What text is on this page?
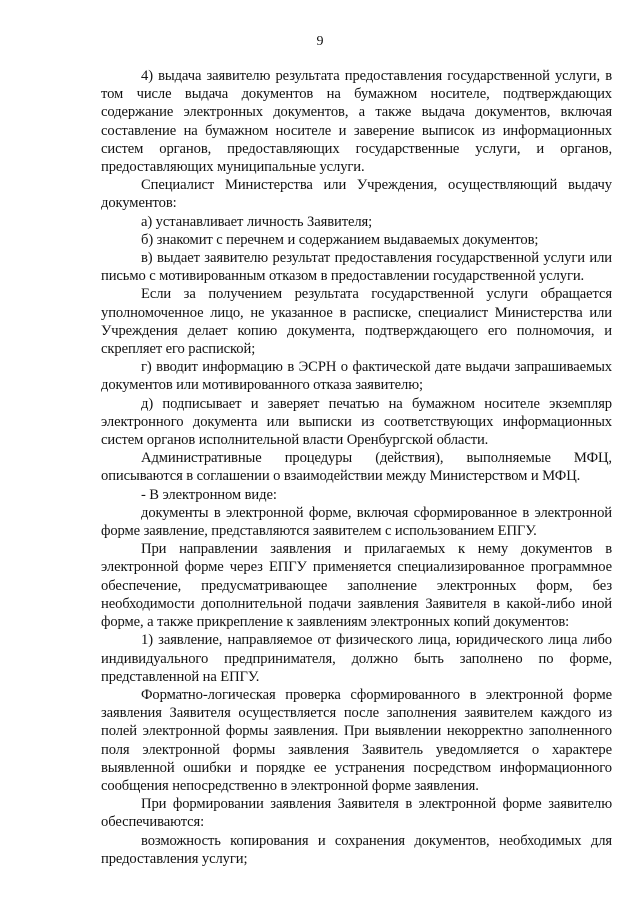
9

4) выдача заявителю результата предоставления государственной услуги, в том числе выдача документов на бумажном носителе, подтверждающих содержание электронных документов, а также выдача документов, включая составление на бумажном носителе и заверение выписок из информационных систем органов, предоставляющих государственные услуги, и органов, предоставляющих муниципальные услуги.

Специалист Министерства или Учреждения, осуществляющий выдачу документов:

а) устанавливает личность Заявителя;

б) знакомит с перечнем и содержанием выдаваемых документов;

в) выдает заявителю результат предоставления государственной услуги или письмо с мотивированным отказом в предоставлении государственной услуги.

Если за получением результата государственной услуги обращается уполномоченное лицо, не указанное в расписке, специалист Министерства или Учреждения делает копию документа, подтверждающего его полномочия, и скрепляет его распиской;

г) вводит информацию в ЭСРН о фактической дате выдачи запрашиваемых документов или мотивированного отказа заявителю;

д) подписывает и заверяет печатью на бумажном носителе экземпляр электронного документа или выписки из соответствующих информационных систем органов исполнительной власти Оренбургской области.

Административные процедуры (действия), выполняемые МФЦ, описываются в соглашении о взаимодействии между Министерством и МФЦ.

- В электронном виде:

документы в электронной форме, включая сформированное в электронной форме заявление, представляются заявителем с использованием ЕПГУ.

При направлении заявления и прилагаемых к нему документов в электронной форме через ЕПГУ применяется специализированное программное обеспечение, предусматривающее заполнение электронных форм, без необходимости дополнительной подачи заявления Заявителя в какой-либо иной форме, а также прикрепление к заявлениям электронных копий документов:

1) заявление, направляемое от физического лица, юридического лица либо индивидуального предпринимателя, должно быть заполнено по форме, представленной на ЕПГУ.

Форматно-логическая проверка сформированного в электронной форме заявления Заявителя осуществляется после заполнения заявителем каждого из полей электронной формы заявления. При выявлении некорректно заполненного поля электронной формы заявления Заявитель уведомляется о характере выявленной ошибки и порядке ее устранения посредством информационного сообщения непосредственно в электронной форме заявления.

При формировании заявления Заявителя в электронной форме заявителю обеспечиваются:

возможность копирования и сохранения документов, необходимых для предоставления услуги;
